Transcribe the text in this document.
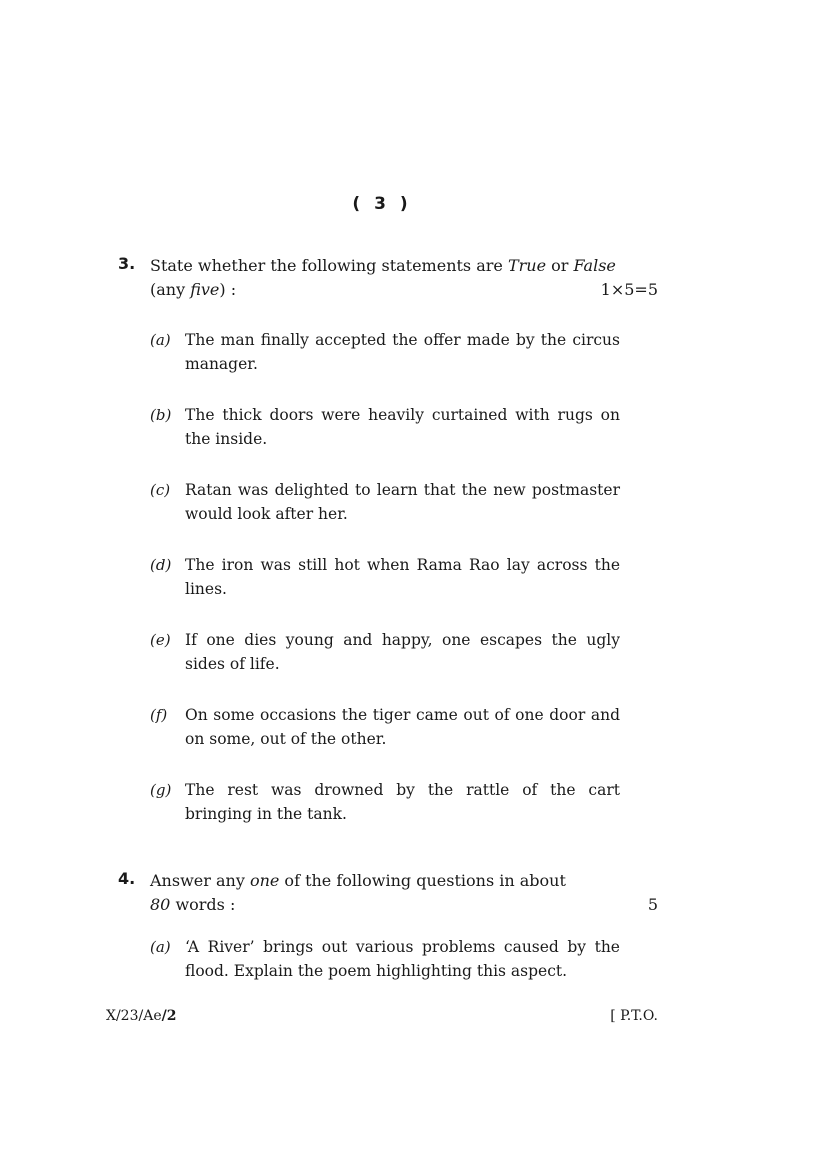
( 3 )
3. State whether the following statements are True or False
(any five) :	1×5=5
(a) The man finally accepted the offer made by the circus manager.
(b) The thick doors were heavily curtained with rugs on the inside.
(c) Ratan was delighted to learn that the new postmaster would look after her.
(d) The iron was still hot when Rama Rao lay across the lines.
(e) If one dies young and happy, one escapes the ugly sides of life.
(f)	On some occasions the tiger came out of one door and on some, out of the other.
(g) The rest was drowned by the rattle of the cart bringing in the tank.
4. Answer any one of the following questions in about
80 words :	5
(a) ‘A River’ brings out various problems caused by the flood. Explain the poem highlighting this aspect.
X/23/Ae/2	[ P.T.O.
